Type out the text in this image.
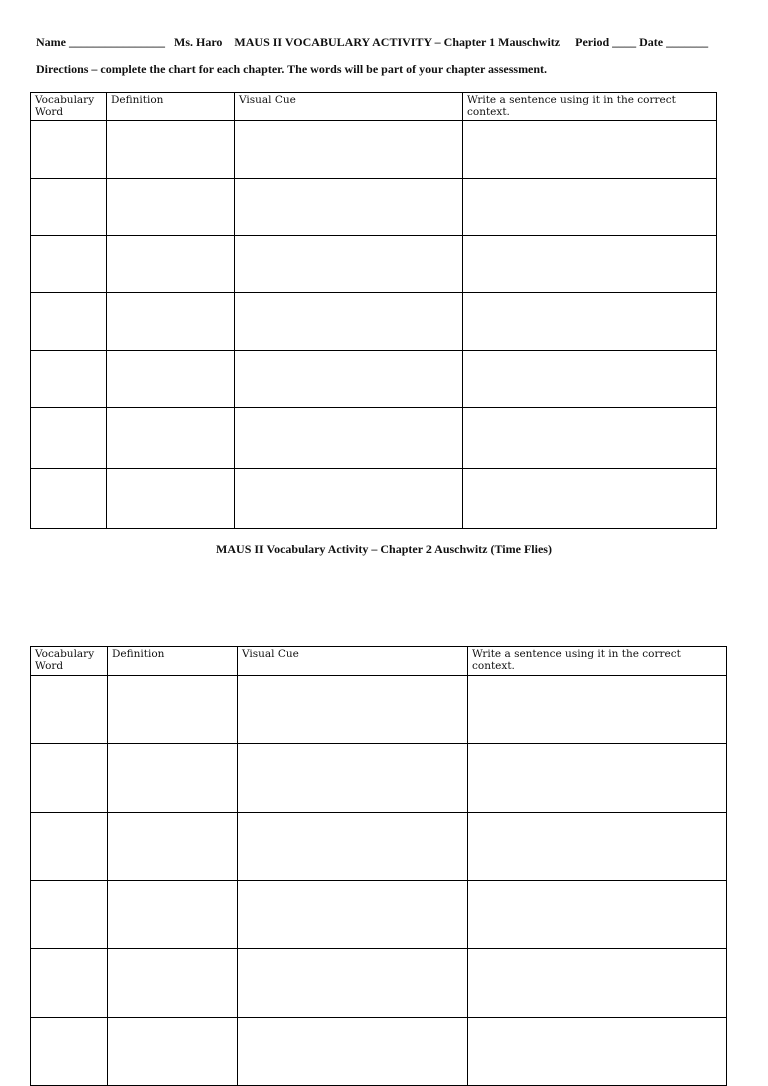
Name ________________   Ms. Haro    MAUS II VOCABULARY ACTIVITY – Chapter 1 Mauschwitz     Period ____ Date _______
Directions – complete the chart for each chapter. The words will be part of your chapter assessment.
Vocabulary Word	Definition	Visual Cue	Write a sentence using it in the correct context.

MAUS II Vocabulary Activity – Chapter 2 Auschwitz (Time Flies)
Vocabulary Word	Definition	Visual Cue	Write a sentence using it in the correct context.
